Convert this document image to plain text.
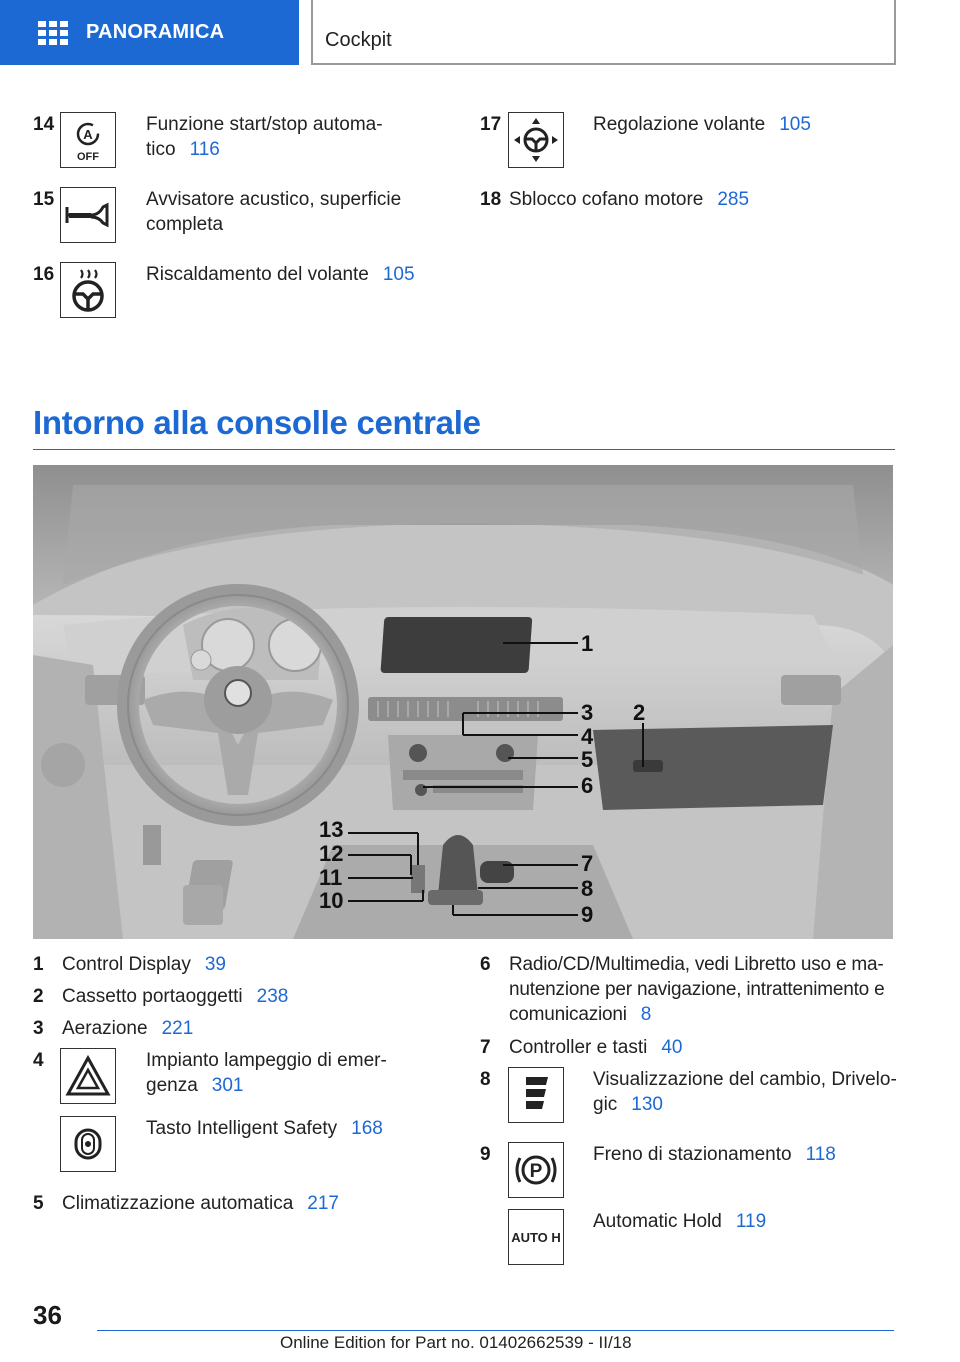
PANORAMICA	Cockpit
14 A
OFF
Funzione start/stop automa-
tico 116
15	Avvisatore acustico, superficie
completa
16	Riscaldamento del volante 105
17	Regolazione volante 105
18 Sblocco cofano motore 285
Intorno alla consolle centrale
1
2
3
4
5
6
7
8
9
10
11
12
13
1 Control Display 39
2 Cassetto portaoggetti 238
3 Aerazione 221
4	Impianto lampeggio di emer-
genza 301
Tasto Intelligent Safety 168
5 Climatizzazione automatica 217
6 Radio/CD/Multimedia, vedi Libretto uso e ma-
nutenzione per navigazione, intrattenimento e
comunicazioni 8
7 Controller e tasti 40
8	Visualizzazione del cambio, Drivelo-
gic 130
9
P
Freno di stazionamento 118
AUTO H
Automatic Hold 119
36
Online Edition for Part no. 01402662539 - II/18
